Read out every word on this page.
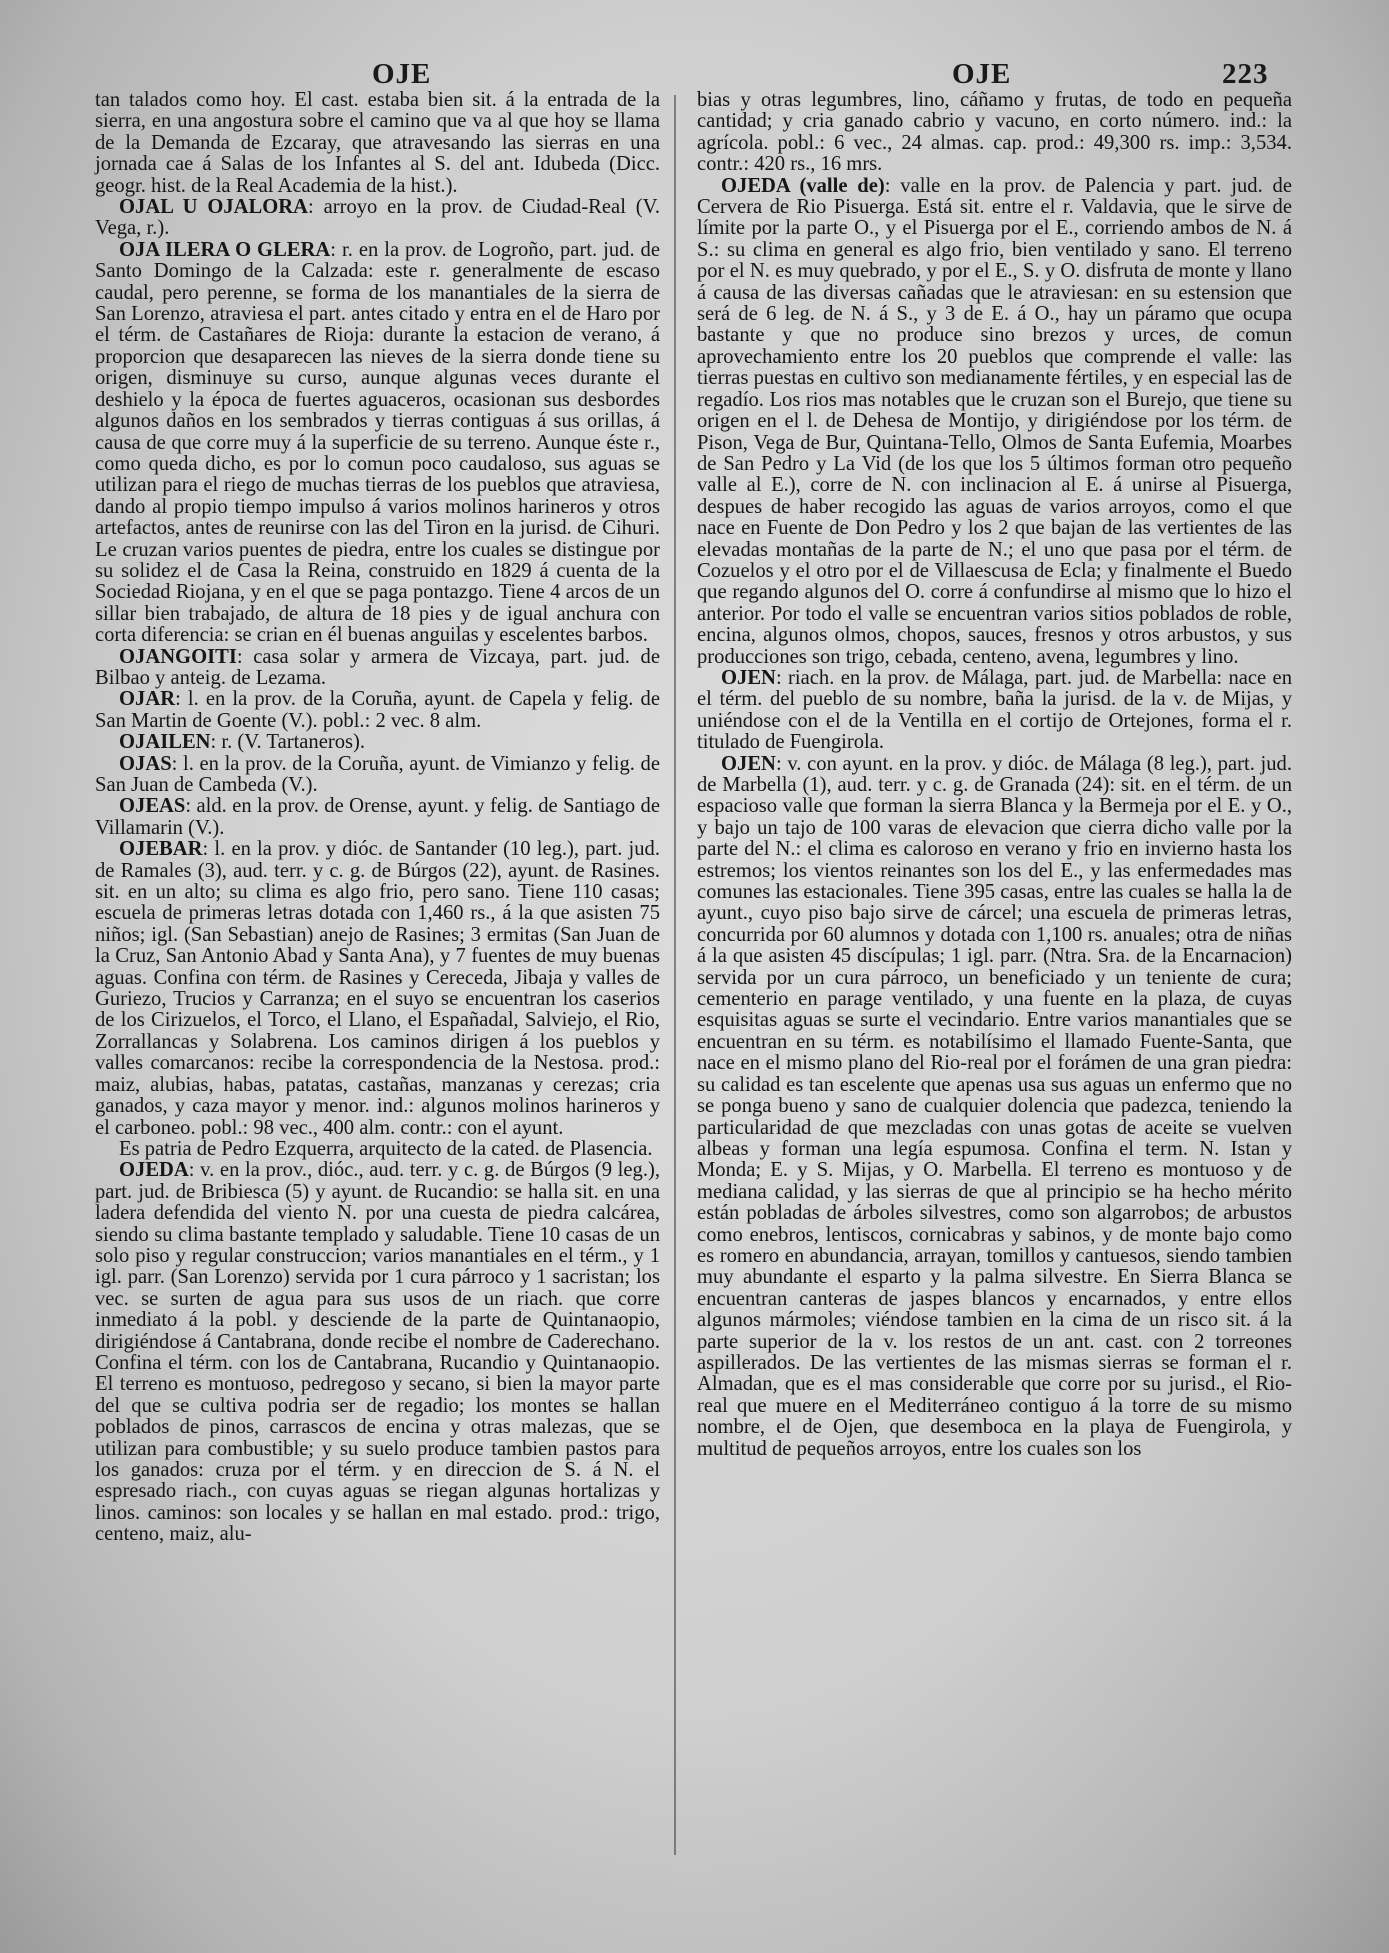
OJE	OJE	223

tan talados como hoy. El cast. estaba bien sit. á la entrada de la sierra, en una angostura sobre el camino que va al que hoy se llama de la Demanda de Ezcaray, que atravesando las sierras en una jornada cae á Salas de los Infantes al S. del ant. Idubeda (Dicc. geogr. hist. de la Real Academia de la hist.).

OJAL U OJALORA: arroyo en la prov. de Ciudad-Real (V. Vega, r.).

OJA ILERA O GLERA: r. en la prov. de Logroño, part. jud. de Santo Domingo de la Calzada: este r. generalmente de escaso caudal, pero perenne, se forma de los manantiales de la sierra de San Lorenzo, atraviesa el part. antes citado y entra en el de Haro por el térm. de Castañares de Rioja: durante la estacion de verano, á proporcion que desaparecen las nieves de la sierra donde tiene su origen, disminuye su curso, aunque algunas veces durante el deshielo y la época de fuertes aguaceros, ocasionan sus desbordes algunos daños en los sembrados y tierras contiguas á sus orillas, á causa de que corre muy á la superficie de su terreno. Aunque éste r., como queda dicho, es por lo comun poco caudaloso, sus aguas se utilizan para el riego de muchas tierras de los pueblos que atraviesa, dando al propio tiempo impulso á varios molinos harineros y otros artefactos, antes de reunirse con las del Tiron en la jurisd. de Cihuri. Le cruzan varios puentes de piedra, entre los cuales se distingue por su solidez el de Casa la Reina, construido en 1829 á cuenta de la Sociedad Riojana, y en el que se paga pontazgo. Tiene 4 arcos de un sillar bien trabajado, de altura de 18 pies y de igual anchura con corta diferencia: se crian en él buenas anguilas y escelentes barbos.

OJANGOITI: casa solar y armera de Vizcaya, part. jud. de Bilbao y anteig. de Lezama.

OJAR: l. en la prov. de la Coruña, ayunt. de Capela y felig. de San Martin de Goente (V.). pobl.: 2 vec. 8 alm.

OJAILEN: r. (V. Tartaneros).

OJAS: l. en la prov. de la Coruña, ayunt. de Vimianzo y felig. de San Juan de Cambeda (V.).

OJEAS: ald. en la prov. de Orense, ayunt. y felig. de Santiago de Villamarin (V.).

OJEBAR: l. en la prov. y dióc. de Santander (10 leg.), part. jud. de Ramales (3), aud. terr. y c. g. de Búrgos (22), ayunt. de Rasines. sit. en un alto; su clima es algo frio, pero sano. Tiene 110 casas; escuela de primeras letras dotada con 1,460 rs., á la que asisten 75 niños; igl. (San Sebastian) anejo de Rasines; 3 ermitas (San Juan de la Cruz, San Antonio Abad y Santa Ana), y 7 fuentes de muy buenas aguas. Confina con térm. de Rasines y Cereceda, Jibaja y valles de Guriezo, Trucios y Carranza; en el suyo se encuentran los caserios de los Cirizuelos, el Torco, el Llano, el Españadal, Salviejo, el Rio, Zorrallancas y Solabrena. Los caminos dirigen á los pueblos y valles comarcanos: recibe la correspondencia de la Nestosa. prod.: maiz, alubias, habas, patatas, castañas, manzanas y cerezas; cria ganados, y caza mayor y menor. ind.: algunos molinos harineros y el carboneo. pobl.: 98 vec., 400 alm. contr.: con el ayunt.

Es patria de Pedro Ezquerra, arquitecto de la cated. de Plasencia.

OJEDA: v. en la prov., dióc., aud. terr. y c. g. de Búrgos (9 leg.), part. jud. de Bribiesca (5) y ayunt. de Rucandio: se halla sit. en una ladera defendida del viento N. por una cuesta de piedra calcárea, siendo su clima bastante templado y saludable. Tiene 10 casas de un solo piso y regular construccion; varios manantiales en el térm., y 1 igl. parr. (San Lorenzo) servida por 1 cura párroco y 1 sacristan; los vec. se surten de agua para sus usos de un riach. que corre inmediato á la pobl. y desciende de la parte de Quintanaopio, dirigiéndose á Cantabrana, donde recibe el nombre de Caderechano. Confina el térm. con los de Cantabrana, Rucandio y Quintanaopio. El terreno es montuoso, pedregoso y secano, si bien la mayor parte del que se cultiva podria ser de regadio; los montes se hallan poblados de pinos, carrascos de encina y otras malezas, que se utilizan para combustible; y su suelo produce tambien pastos para los ganados: cruza por el térm. y en direccion de S. á N. el espresado riach., con cuyas aguas se riegan algunas hortalizas y linos. caminos: son locales y se hallan en mal estado. prod.: trigo, centeno, maiz, alu-

bias y otras legumbres, lino, cáñamo y frutas, de todo en pequeña cantidad; y cria ganado cabrio y vacuno, en corto número. ind.: la agrícola. pobl.: 6 vec., 24 almas. cap. prod.: 49,300 rs. imp.: 3,534. contr.: 420 rs., 16 mrs.

OJEDA (valle de): valle en la prov. de Palencia y part. jud. de Cervera de Rio Pisuerga. Está sit. entre el r. Valdavia, que le sirve de límite por la parte O., y el Pisuerga por el E., corriendo ambos de N. á S.: su clima en general es algo frio, bien ventilado y sano. El terreno por el N. es muy quebrado, y por el E., S. y O. disfruta de monte y llano á causa de las diversas cañadas que le atraviesan: en su estension que será de 6 leg. de N. á S., y 3 de E. á O., hay un páramo que ocupa bastante y que no produce sino brezos y urces, de comun aprovechamiento entre los 20 pueblos que comprende el valle: las tierras puestas en cultivo son medianamente fértiles, y en especial las de regadío. Los rios mas notables que le cruzan son el Burejo, que tiene su origen en el l. de Dehesa de Montijo, y dirigiéndose por los térm. de Pison, Vega de Bur, Quintana-Tello, Olmos de Santa Eufemia, Moarbes de San Pedro y La Vid (de los que los 5 últimos forman otro pequeño valle al E.), corre de N. con inclinacion al E. á unirse al Pisuerga, despues de haber recogido las aguas de varios arroyos, como el que nace en Fuente de Don Pedro y los 2 que bajan de las vertientes de las elevadas montañas de la parte de N.; el uno que pasa por el térm. de Cozuelos y el otro por el de Villaescusa de Ecla; y finalmente el Buedo que regando algunos del O. corre á confundirse al mismo que lo hizo el anterior. Por todo el valle se encuentran varios sitios poblados de roble, encina, algunos olmos, chopos, sauces, fresnos y otros arbustos, y sus producciones son trigo, cebada, centeno, avena, legumbres y lino.

OJEN: riach. en la prov. de Málaga, part. jud. de Marbella: nace en el térm. del pueblo de su nombre, baña la jurisd. de la v. de Mijas, y uniéndose con el de la Ventilla en el cortijo de Ortejones, forma el r. titulado de Fuengirola.

OJEN: v. con ayunt. en la prov. y dióc. de Málaga (8 leg.), part. jud. de Marbella (1), aud. terr. y c. g. de Granada (24): sit. en el térm. de un espacioso valle que forman la sierra Blanca y la Bermeja por el E. y O., y bajo un tajo de 100 varas de elevacion que cierra dicho valle por la parte del N.: el clima es caloroso en verano y frio en invierno hasta los estremos; los vientos reinantes son los del E., y las enfermedades mas comunes las estacionales. Tiene 395 casas, entre las cuales se halla la de ayunt., cuyo piso bajo sirve de cárcel; una escuela de primeras letras, concurrida por 60 alumnos y dotada con 1,100 rs. anuales; otra de niñas á la que asisten 45 discípulas; 1 igl. parr. (Ntra. Sra. de la Encarnacion) servida por un cura párroco, un beneficiado y un teniente de cura; cementerio en parage ventilado, y una fuente en la plaza, de cuyas esquisitas aguas se surte el vecindario. Entre varios manantiales que se encuentran en su térm. es notabilísimo el llamado Fuente-Santa, que nace en el mismo plano del Rio-real por el forámen de una gran piedra: su calidad es tan escelente que apenas usa sus aguas un enfermo que no se ponga bueno y sano de cualquier dolencia que padezca, teniendo la particularidad de que mezcladas con unas gotas de aceite se vuelven albeas y forman una legía espumosa. Confina el term. N. Istan y Monda; E. y S. Mijas, y O. Marbella. El terreno es montuoso y de mediana calidad, y las sierras de que al principio se ha hecho mérito están pobladas de árboles silvestres, como son algarrobos; de arbustos como enebros, lentiscos, cornicabras y sabinos, y de monte bajo como es romero en abundancia, arrayan, tomillos y cantuesos, siendo tambien muy abundante el esparto y la palma silvestre. En Sierra Blanca se encuentran canteras de jaspes blancos y encarnados, y entre ellos algunos mármoles; viéndose tambien en la cima de un risco sit. á la parte superior de la v. los restos de un ant. cast. con 2 torreones aspillerados. De las vertientes de las mismas sierras se forman el r. Almadan, que es el mas considerable que corre por su jurisd., el Rio-real que muere en el Mediterráneo contiguo á la torre de su mismo nombre, el de Ojen, que desemboca en la playa de Fuengirola, y multitud de pequeños arroyos, entre los cuales son los
